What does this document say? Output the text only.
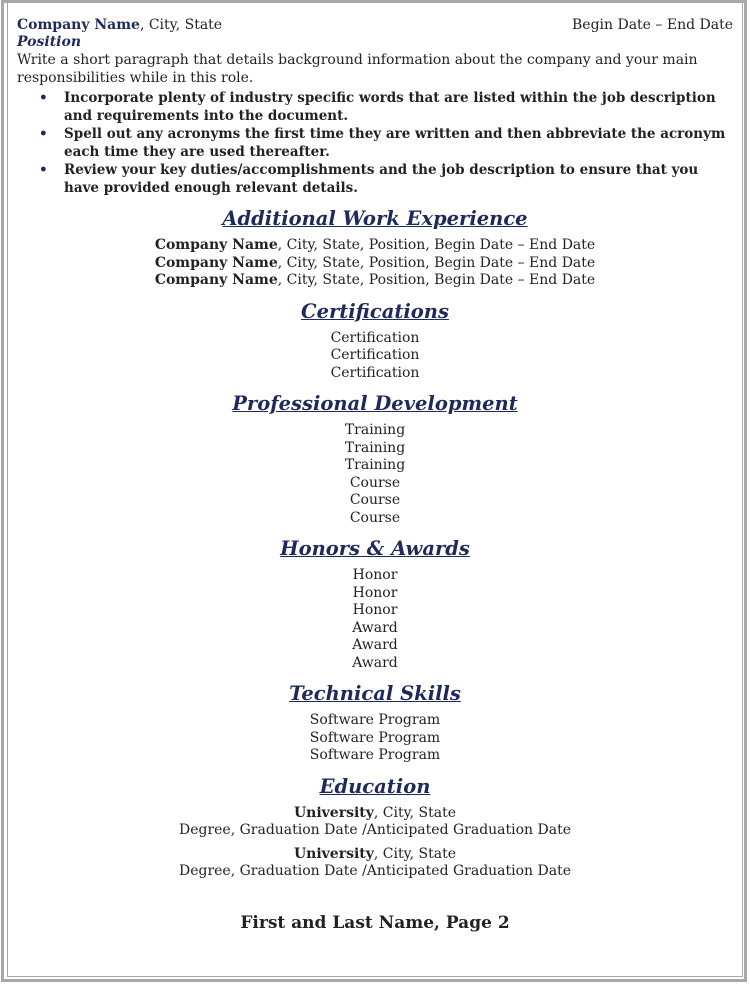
Company Name, City, State	Begin Date – End Date
Position
Write a short paragraph that details background information about the company and your main responsibilities while in this role.
• Incorporate plenty of industry specific words that are listed within the job description and requirements into the document.
• Spell out any acronyms the first time they are written and then abbreviate the acronym each time they are used thereafter.
• Review your key duties/accomplishments and the job description to ensure that you have provided enough relevant details.
Additional Work Experience
Company Name, City, State, Position, Begin Date – End Date
Company Name, City, State, Position, Begin Date – End Date
Company Name, City, State, Position, Begin Date – End Date
Certifications
Certification
Certification
Certification
Professional Development
Training
Training
Training
Course
Course
Course
Honors & Awards
Honor
Honor
Honor
Award
Award
Award
Technical Skills
Software Program
Software Program
Software Program
Education
University, City, State
Degree, Graduation Date /Anticipated Graduation Date
University, City, State
Degree, Graduation Date /Anticipated Graduation Date
First and Last Name, Page 2
